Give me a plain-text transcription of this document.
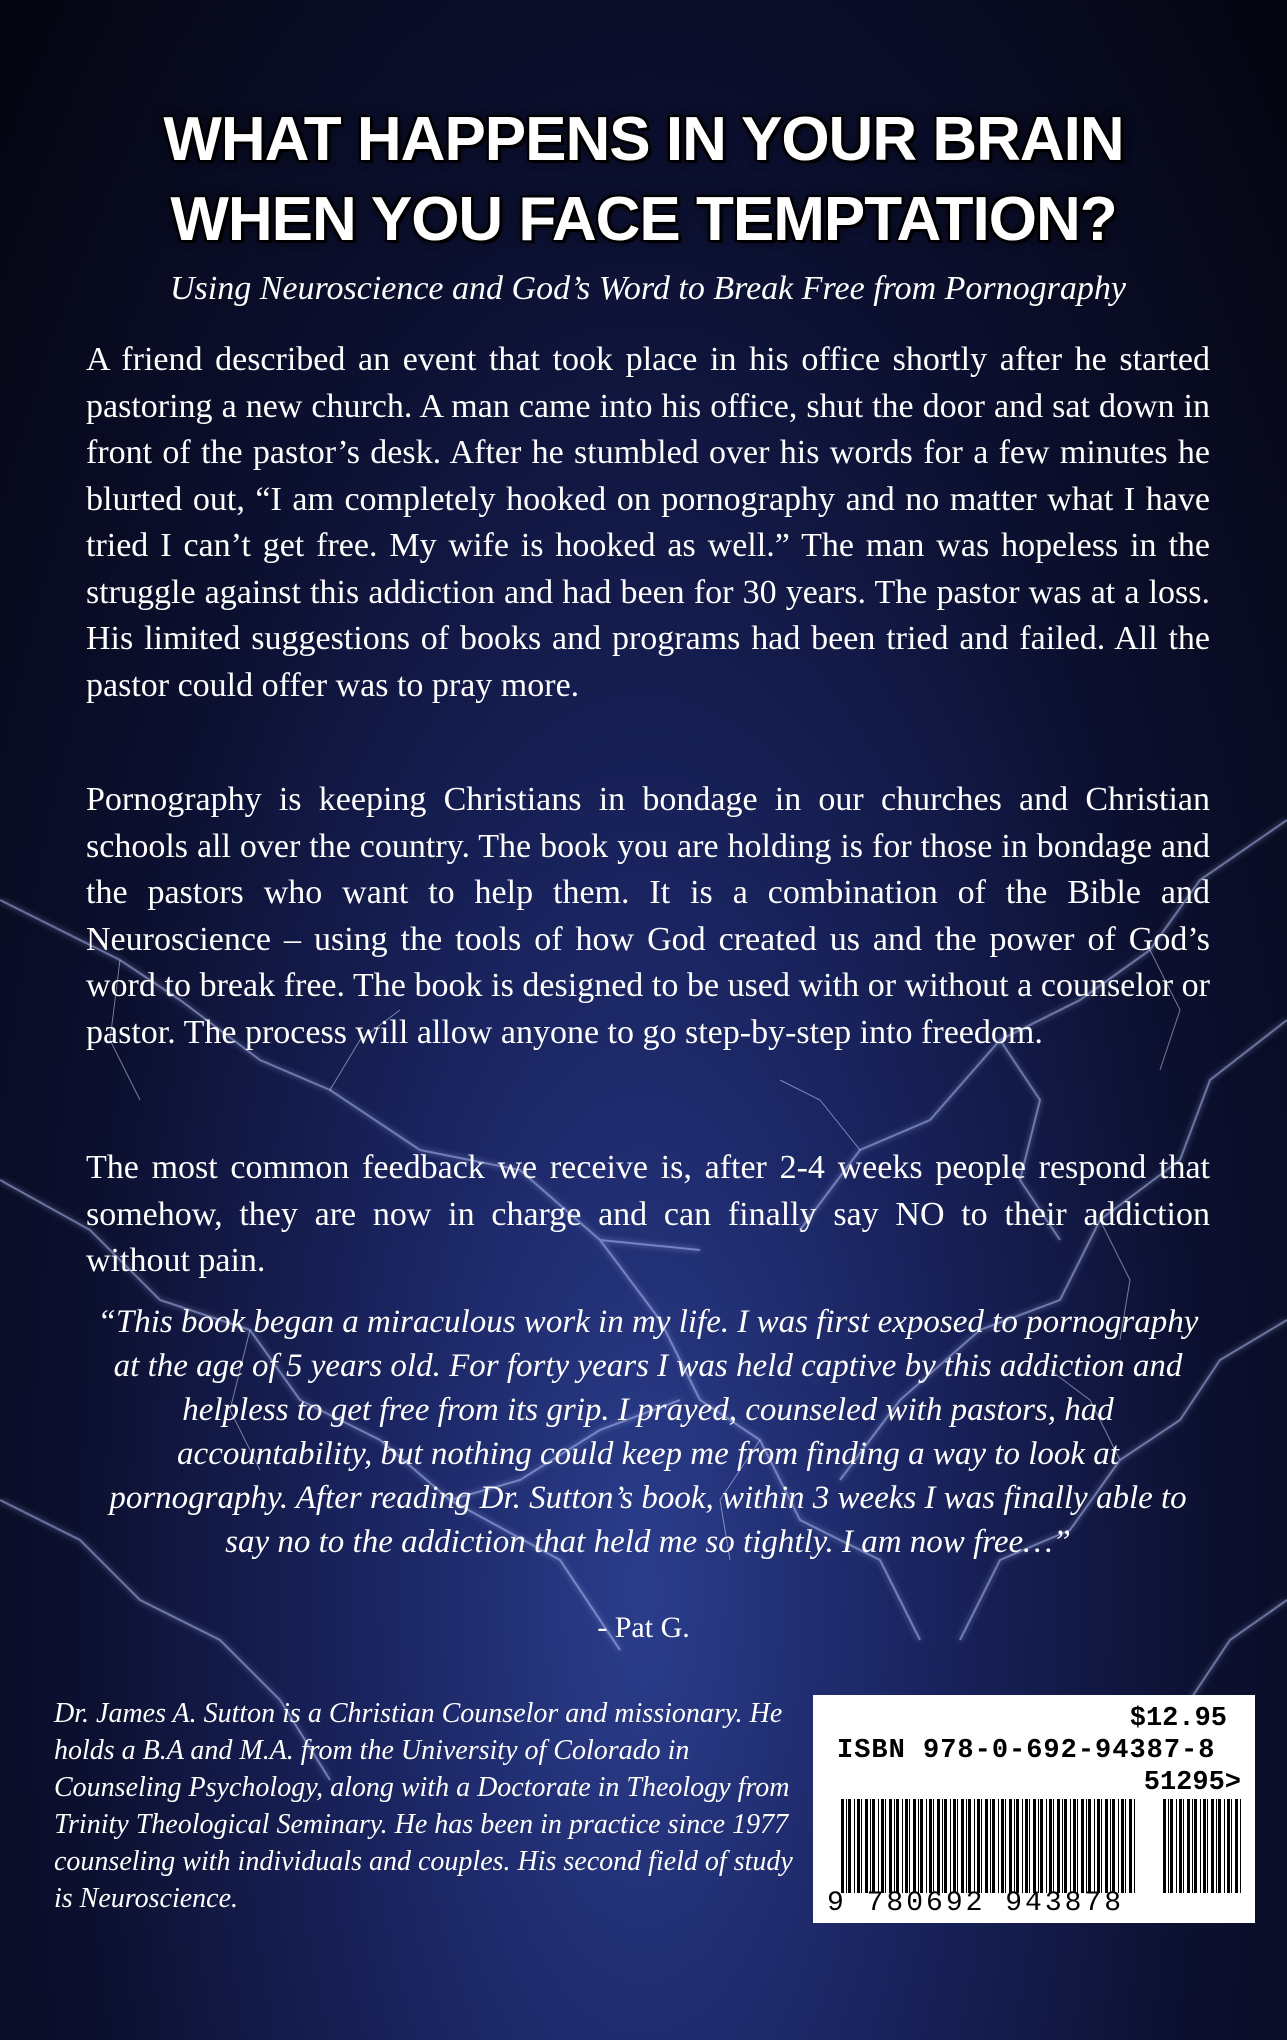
WHAT HAPPENS IN YOUR BRAIN
WHEN YOU FACE TEMPTATION?

Using Neuroscience and God’s Word to Break Free from Pornography

A friend described an event that took place in his office shortly after he started pastoring a new church. A man came into his office, shut the door and sat down in front of the pastor’s desk. After he stumbled over his words for a few minutes he blurted out, “I am completely hooked on pornography and no matter what I have tried I can’t get free. My wife is hooked as well.” The man was hopeless in the struggle against this addiction and had been for 30 years. The pastor was at a loss. His limited suggestions of books and programs had been tried and failed. All the pastor could offer was to pray more.

Pornography is keeping Christians in bondage in our churches and Christian schools all over the country. The book you are holding is for those in bondage and the pastors who want to help them. It is a combination of the Bible and Neuroscience – using the tools of how God created us and the power of God’s word to break free. The book is designed to be used with or without a counselor or pastor. The process will allow anyone to go step-by-step into freedom.

The most common feedback we receive is, after 2-4 weeks people respond that somehow, they are now in charge and can finally say NO to their addiction without pain.

“This book began a miraculous work in my life. I was first exposed to pornography at the age of 5 years old. For forty years I was held captive by this addiction and helpless to get free from its grip. I prayed, counseled with pastors, had accountability, but nothing could keep me from finding a way to look at pornography. After reading Dr. Sutton’s book, within 3 weeks I was finally able to say no to the addiction that held me so tightly. I am now free…”

- Pat G.

Dr. James A. Sutton is a Christian Counselor and missionary. He holds a B.A and M.A. from the University of Colorado in Counseling Psychology, along with a Doctorate in Theology from Trinity Theological Seminary. He has been in practice since 1977 counseling with individuals and couples. His second field of study is Neuroscience.

$12.95
ISBN 978-0-692-94387-8
51295>
9 780692 943878
